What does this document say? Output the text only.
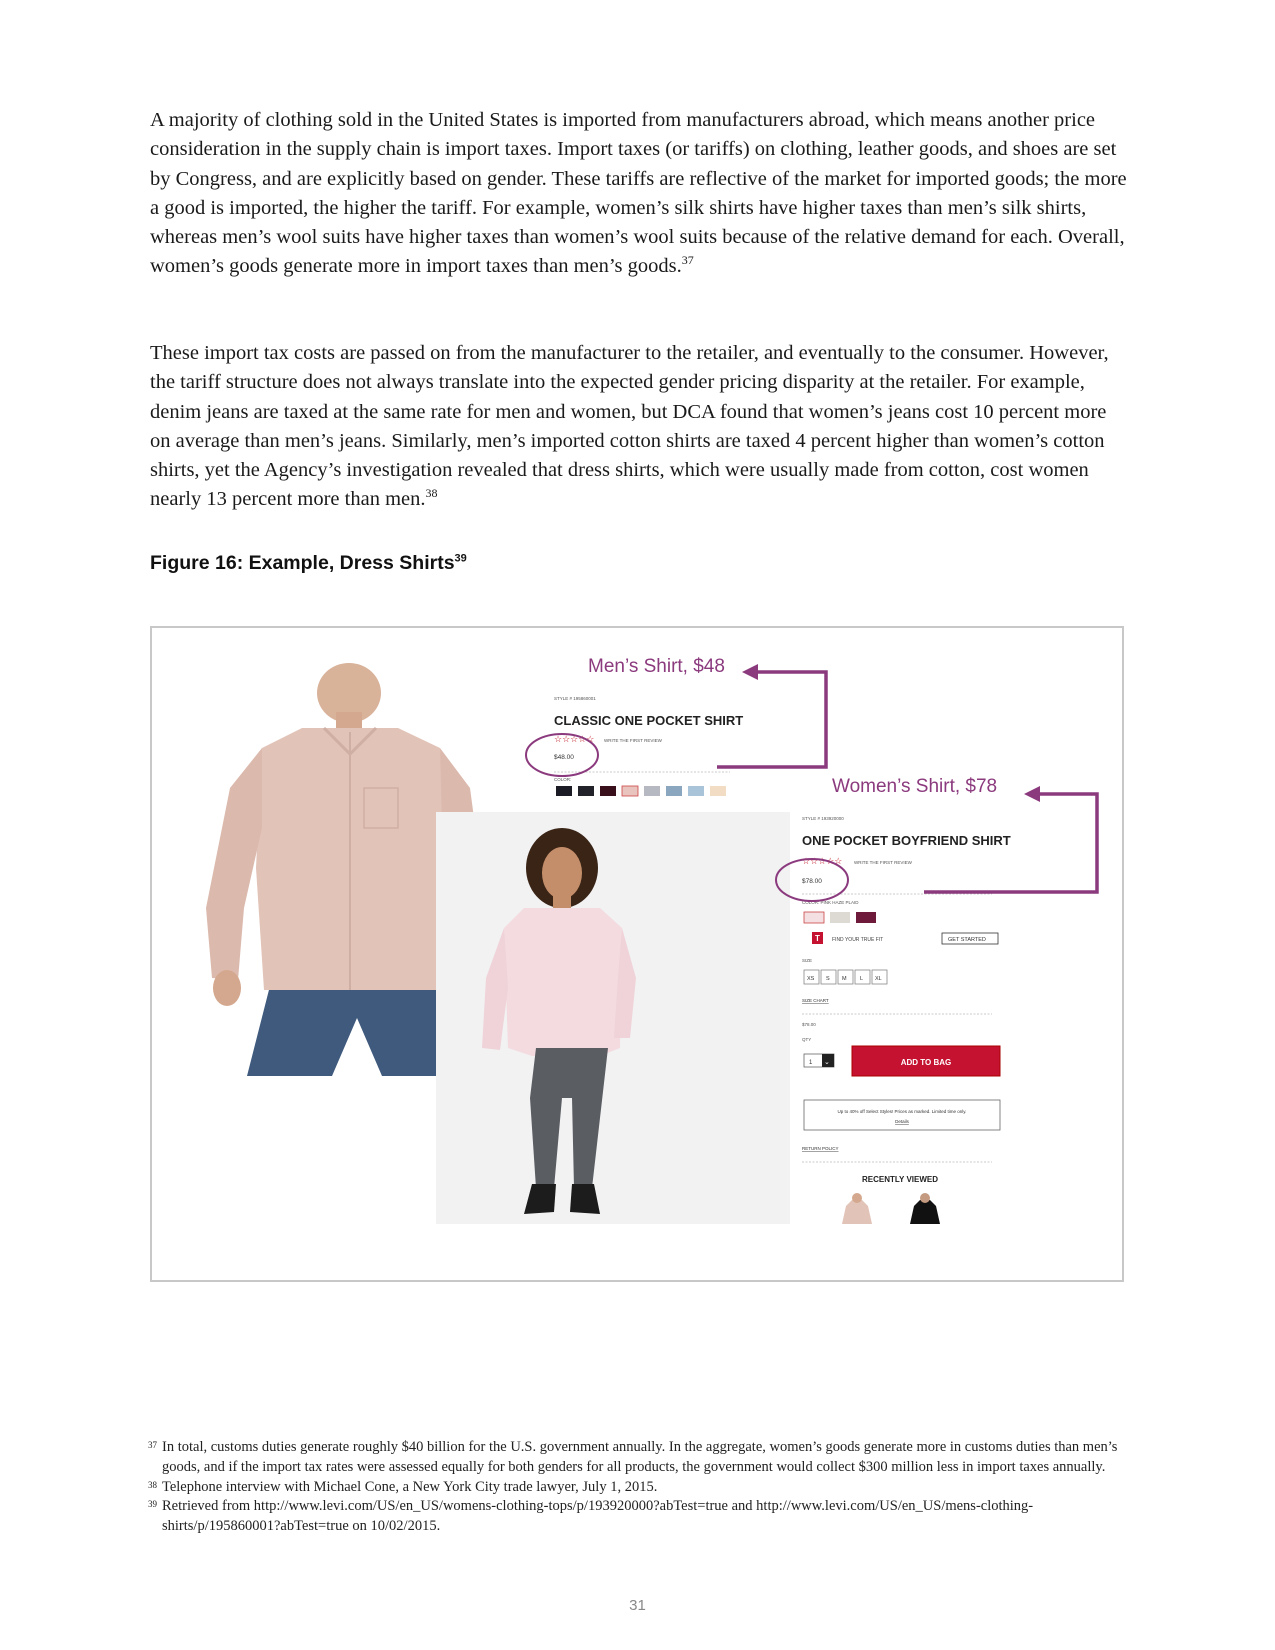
A majority of clothing sold in the United States is imported from manufacturers abroad, which means another price consideration in the supply chain is import taxes. Import taxes (or tariffs) on clothing, leather goods, and shoes are set by Congress, and are explicitly based on gender. These tariffs are reflective of the market for imported goods; the more a good is imported, the higher the tariff. For example, women’s silk shirts have higher taxes than men’s silk shirts, whereas men’s wool suits have higher taxes than women’s wool suits because of the relative demand for each. Overall, women’s goods generate more in import taxes than men’s goods.$^{37}$

These import tax costs are passed on from the manufacturer to the retailer, and eventually to the consumer. However, the tariff structure does not always translate into the expected gender pricing disparity at the retailer. For example, denim jeans are taxed at the same rate for men and women, but DCA found that women’s jeans cost 10 percent more on average than men’s jeans. Similarly, men’s imported cotton shirts are taxed 4 percent higher than women’s cotton shirts, yet the Agency’s investigation revealed that dress shirts, which were usually made from cotton, cost women nearly 13 percent more than men.$^{38}$

Figure 16: Example, Dress Shirts$^{39}$
STYLE # 195860001
CLASSIC ONE POCKET SHIRT
☆☆☆☆☆ WRITE THE FIRST REVIEW
$48.00
COLOR:
STYLE # 193920000
ONE POCKET BOYFRIEND SHIRT
☆☆☆☆☆	WRITE THE FIRST REVIEW
$78.00
COLOR: PINK HAZE PLAID
T FIND YOUR TRUE FIT	GET STARTED
SIZE
XS S M L XL
SIZE CHART
$78.00
QTY
1 ⌄	ADD TO BAG
Up to 40% off Select Styles! Prices as marked. Limited time only.
Details
RETURN POLICY
RECENTLY VIEWED
Men’s Shirt, $48
Women’s Shirt, $78
37 In total, customs duties generate roughly $40 billion for the U.S. government annually. In the aggregate, women’s goods generate more in customs duties than men’s goods, and if the import tax rates were assessed equally for both genders for all products, the government would collect $300 million less in import taxes annually.
38 Telephone interview with Michael Cone, a New York City trade lawyer, July 1, 2015.
39 Retrieved from http://www.levi.com/US/en_US/womens-clothing-tops/p/193920000?abTest=true and http://www.levi.com/US/en_US/mens-clothing-shirts/p/195860001?abTest=true on 10/02/2015.
31
